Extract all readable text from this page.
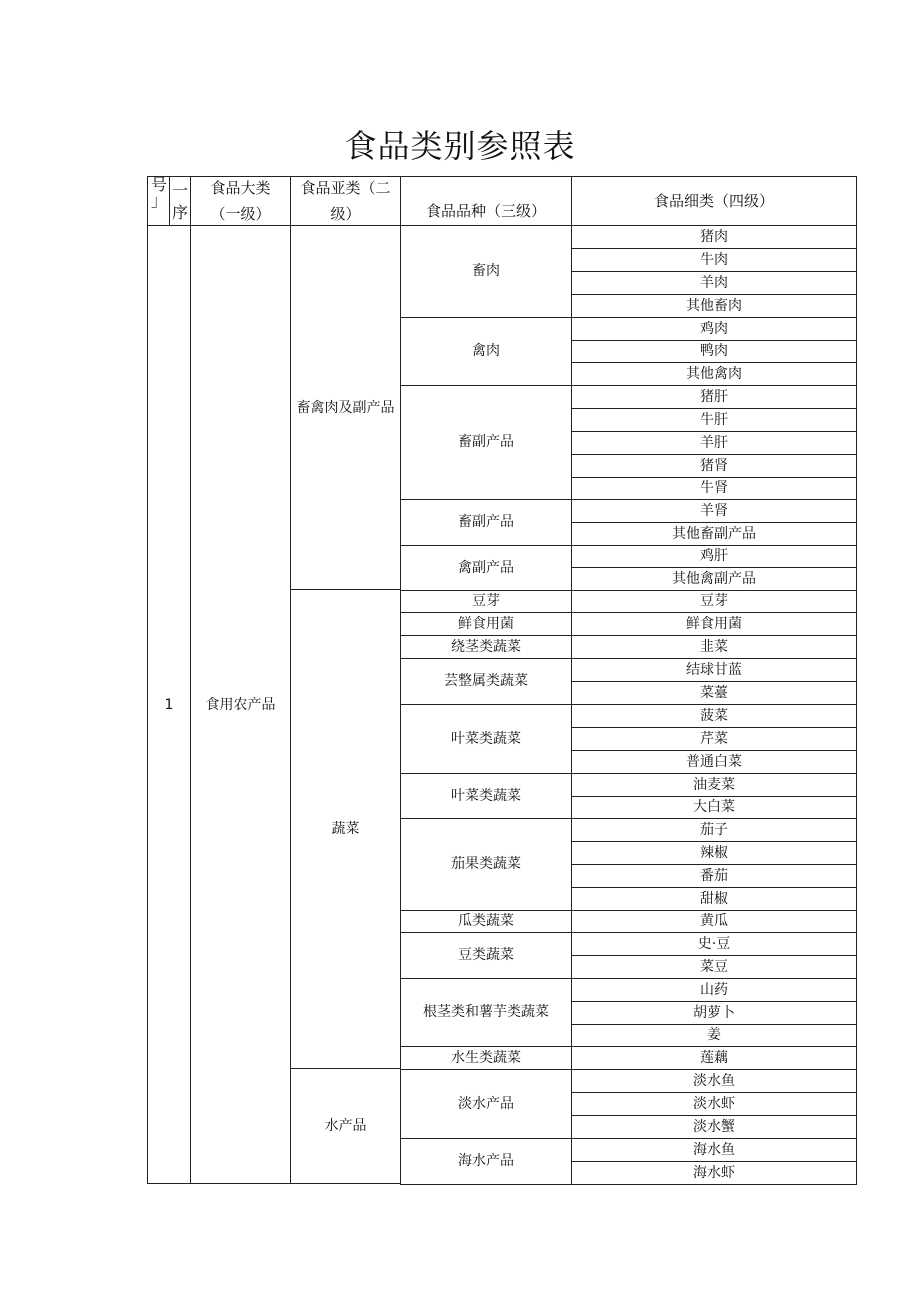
食品类别参照表
号
」
一
序
食品大类（一级）
食品亚类（二级）	食品品种（三级）
食品细类（四级）
1	食用农产品
畜禽肉及副产品
蔬菜
水产品
畜肉
禽肉
畜副产品
畜副产品
禽副产品
豆芽
鲜食用菌
绕茎类蔬菜
芸整属类蔬菜
叶菜类蔬菜
叶菜类蔬菜
茄果类蔬菜
瓜类蔬菜
豆类蔬菜
根茎类和薯芋类蔬菜
水生类蔬菜
淡水产品
海水产品
猪肉
牛肉
羊肉
其他畜肉
鸡肉
鸭肉
其他禽肉
猪肝
牛肝
羊肝
猪肾
牛肾
羊肾
其他畜副产品
鸡肝
其他禽副产品
豆芽
鲜食用菌
韭菜
结球甘蓝
菜薹
菠菜
芹菜
普通白菜
油麦菜
大白菜
茄子
辣椒
番茄
甜椒
黄瓜
史·豆
菜豆
山药
胡萝卜
姜
莲藕
淡水鱼
淡水虾
淡水蟹
海水鱼
海水虾
